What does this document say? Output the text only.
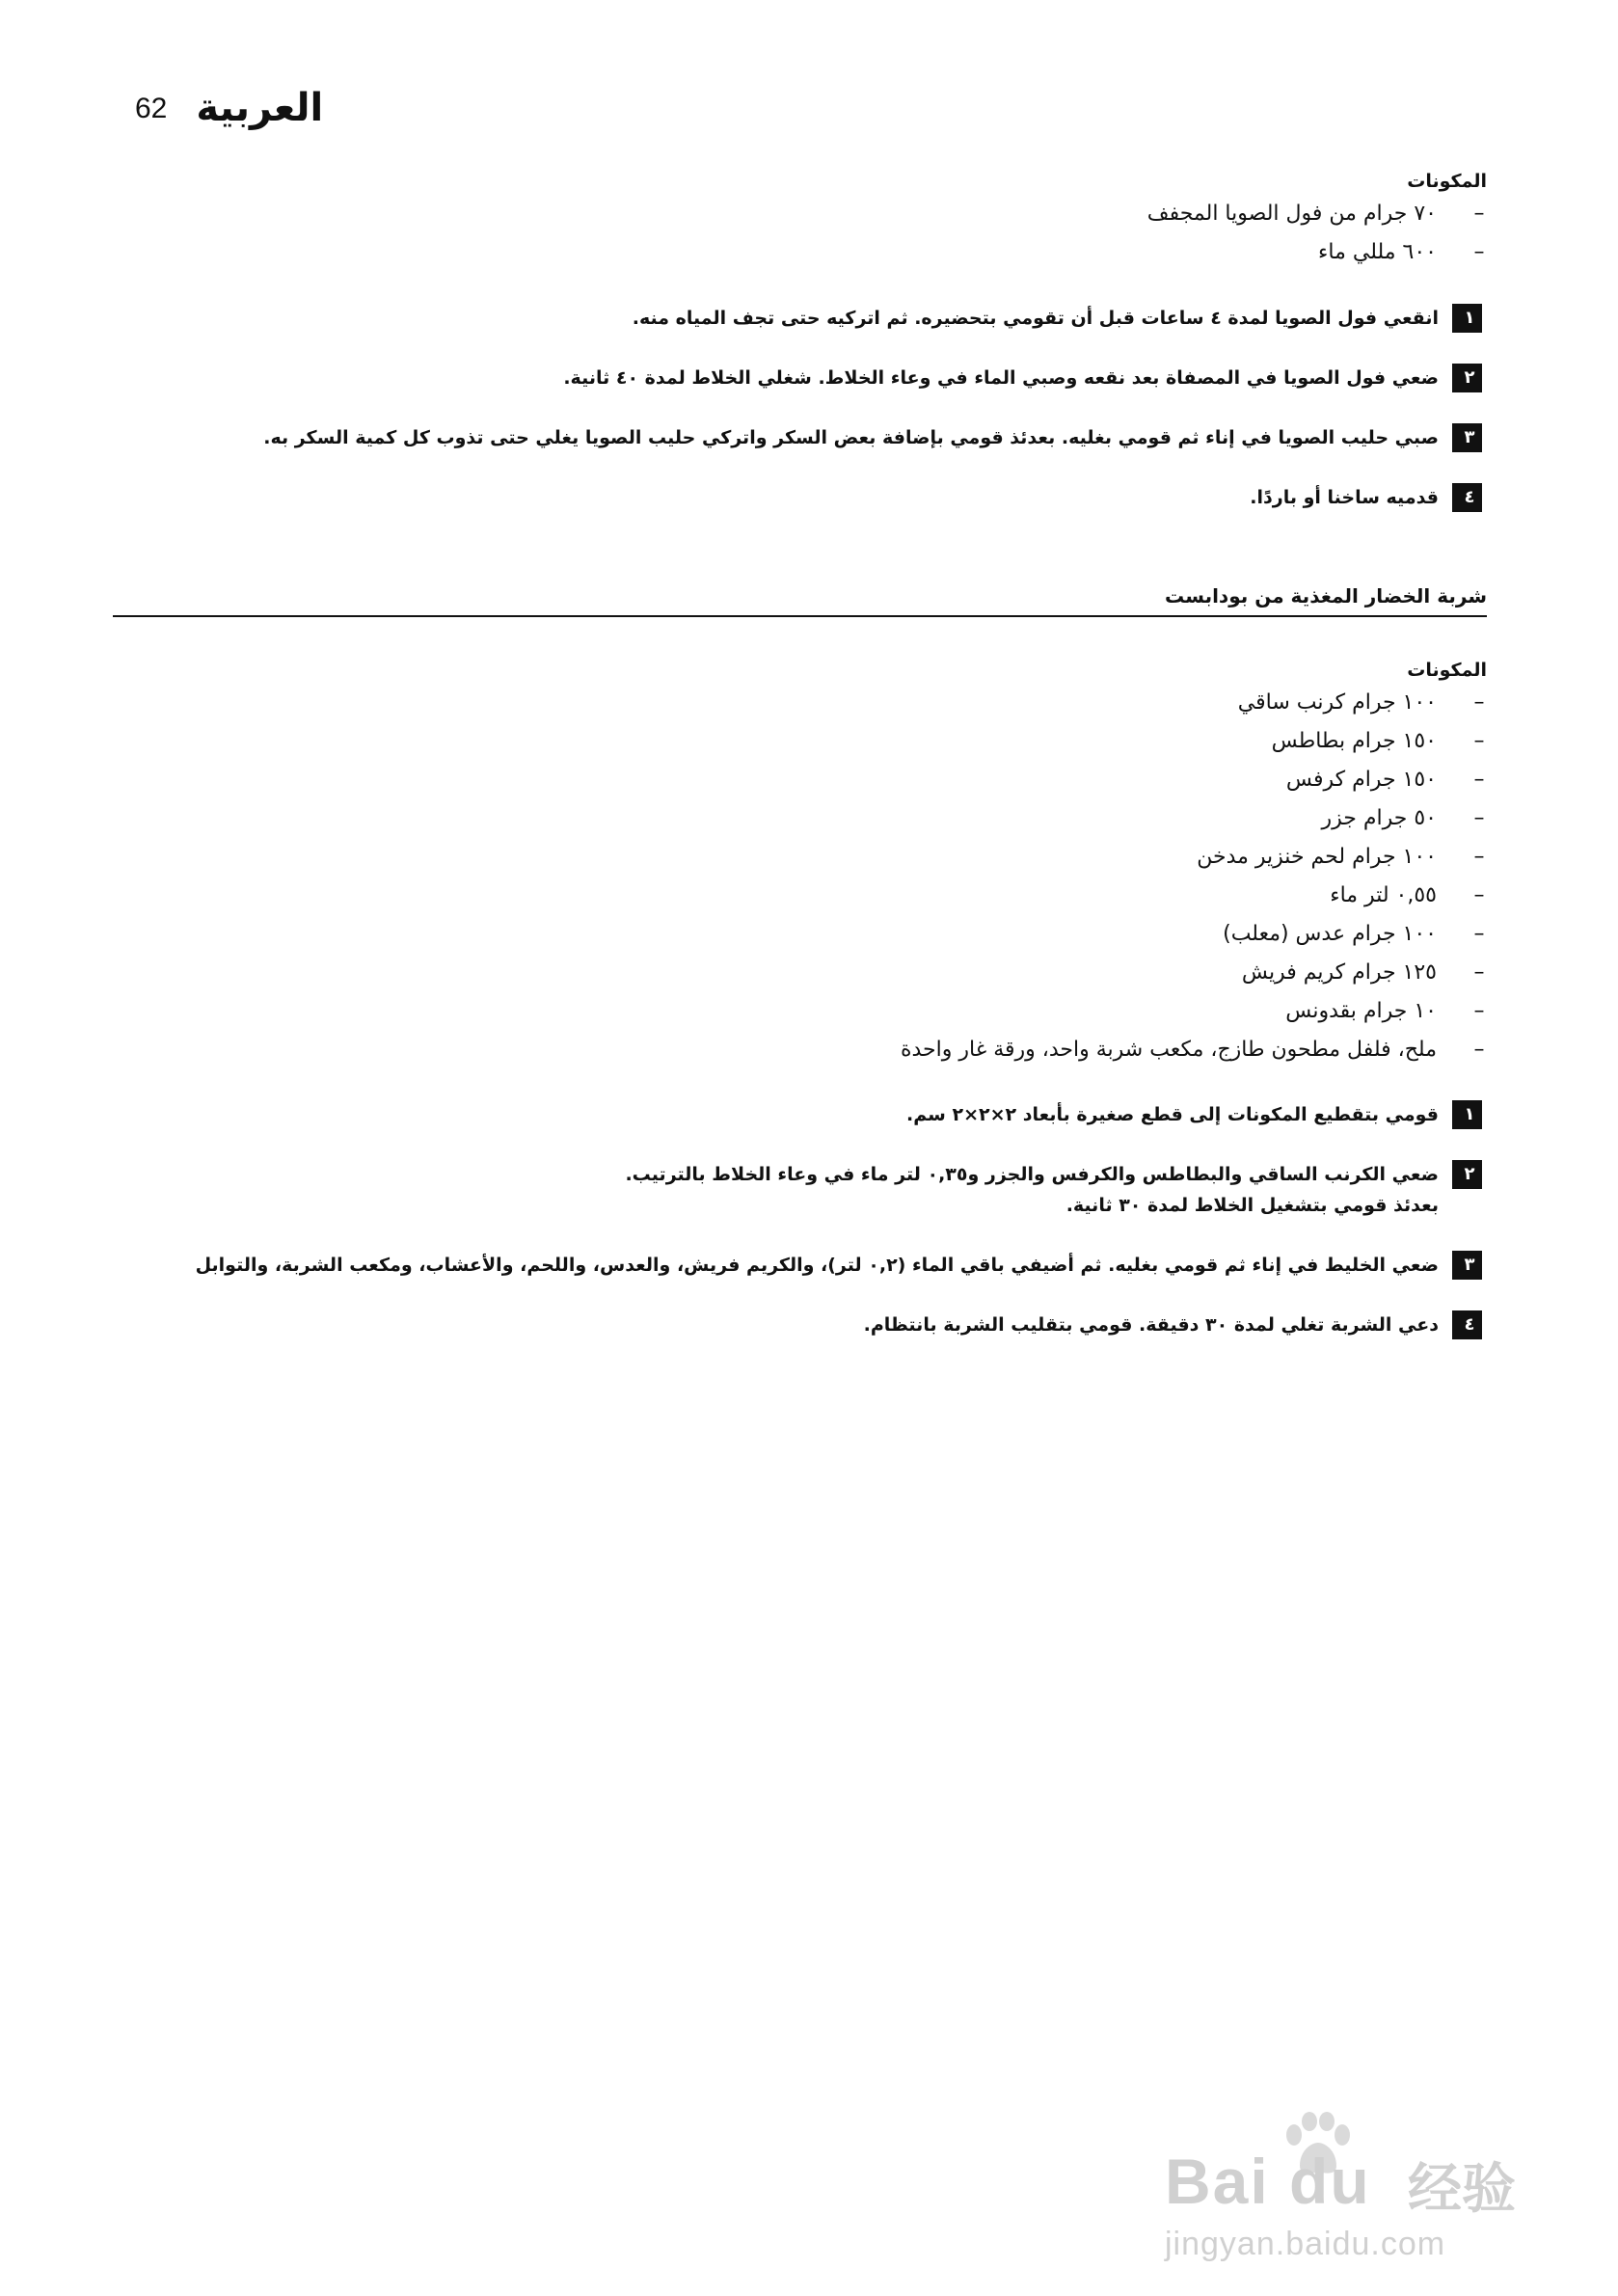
62 العربية
المكونات
–
٧٠ جرام من فول الصويا المجفف
–
٦٠٠ مللي ماء
١
انقعي فول الصويا لمدة ٤ ساعات قبل أن تقومي بتحضيره. ثم اتركيه حتى تجف المياه منه.
٢
ضعي فول الصويا في المصفاة بعد نقعه وصبي الماء في وعاء الخلاط. شغلي الخلاط لمدة ٤٠ ثانية.
٣
صبي حليب الصويا في إناء ثم قومي بغليه. بعدئذ قومي بإضافة بعض السكر واتركي حليب الصويا يغلي حتى تذوب كل كمية السكر به.
٤
قدميه ساخنا أو باردًا.
شربة الخضار المغذية من بودابست
المكونات
–
١٠٠ جرام كرنب ساقي
–
١٥٠ جرام بطاطس
–
١٥٠ جرام كرفس
–
٥٠ جرام جزر
–
١٠٠ جرام لحم خنزير مدخن
–
٠,٥٥ لتر ماء
–
١٠٠ جرام عدس (معلب)
–
١٢٥ جرام كريم فريش
–
١٠ جرام بقدونس
–
ملح، فلفل مطحون طازج، مكعب شربة واحد، ورقة غار واحدة
١
قومي بتقطيع المكونات إلى قطع صغيرة بأبعاد ٢×٢×٢ سم.
٢
ضعي الكرنب الساقي والبطاطس والكرفس والجزر و٠,٣٥ لتر ماء في وعاء الخلاط بالترتيب.
بعدئذ قومي بتشغيل الخلاط لمدة ٣٠ ثانية.
٣
ضعي الخليط في إناء ثم قومي بغليه. ثم أضيفي باقي الماء (٠,٢ لتر)، والكريم فريش، والعدس، واللحم، والأعشاب، ومكعب الشربة، والتوابل
٤
دعي الشربة تغلي لمدة ٣٠ دقيقة. قومي بتقليب الشربة بانتظام.
Bai du 经验
jingyan.baidu.com
